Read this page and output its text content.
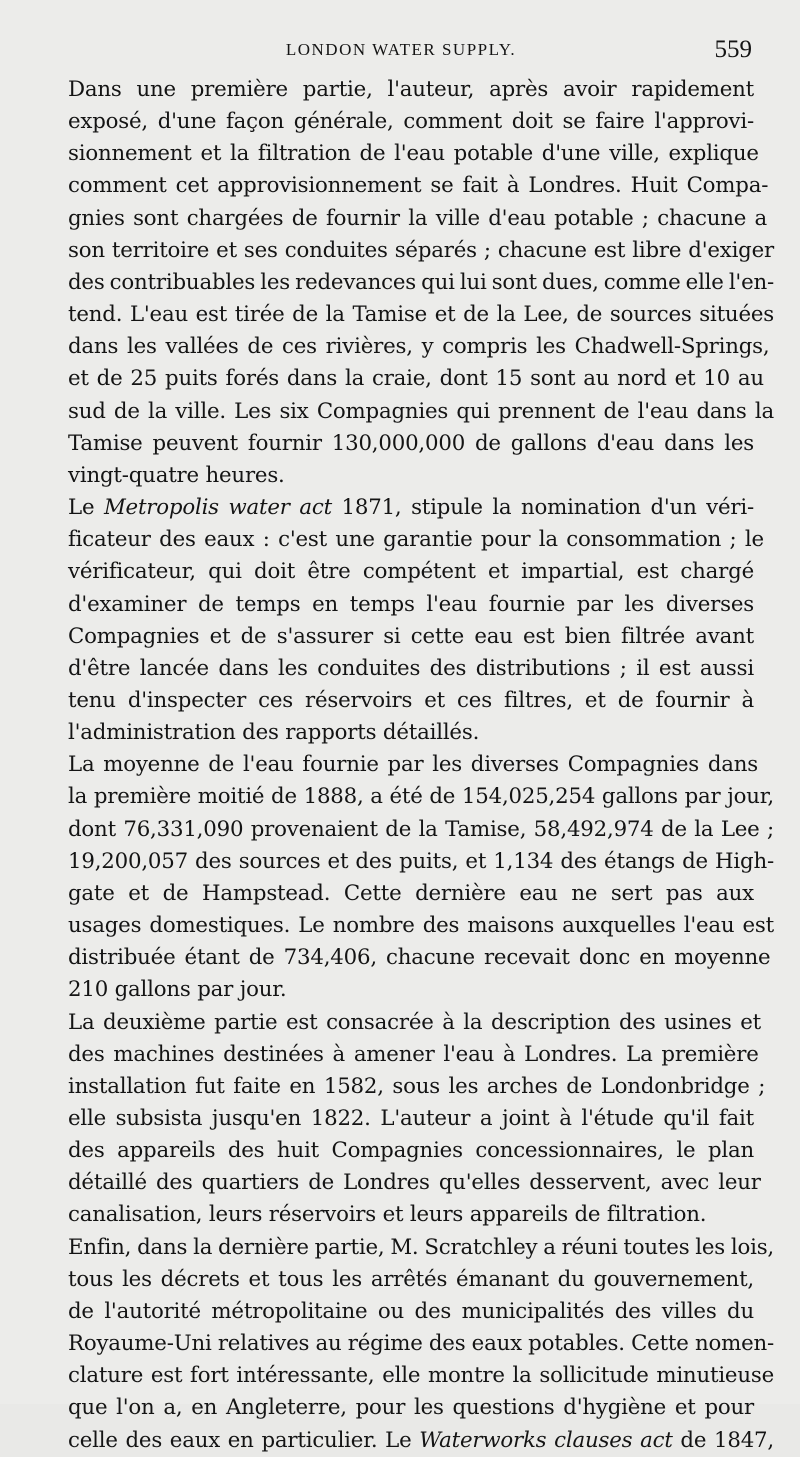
LONDON WATER SUPPLY.	559

Dans une première partie, l'auteur, après avoir rapidement
exposé, d'une façon générale, comment doit se faire l'approvi-
sionnement et la filtration de l'eau potable d'une ville, explique
comment cet approvisionnement se fait à Londres. Huit Compa-
gnies sont chargées de fournir la ville d'eau potable ; chacune a
son territoire et ses conduites séparés ; chacune est libre d'exiger
des contribuables les redevances qui lui sont dues, comme elle l'en-
tend. L'eau est tirée de la Tamise et de la Lee, de sources situées
dans les vallées de ces rivières, y compris les Chadwell-Springs,
et de 25 puits forés dans la craie, dont 15 sont au nord et 10 au
sud de la ville. Les six Compagnies qui prennent de l'eau dans la
Tamise peuvent fournir 130,000,000 de gallons d'eau dans les
vingt-quatre heures.

Le Metropolis water act 1871, stipule la nomination d'un véri-
ficateur des eaux : c'est une garantie pour la consommation ; le
vérificateur, qui doit être compétent et impartial, est chargé
d'examiner de temps en temps l'eau fournie par les diverses
Compagnies et de s'assurer si cette eau est bien filtrée avant
d'être lancée dans les conduites des distributions ; il est aussi
tenu d'inspecter ces réservoirs et ces filtres, et de fournir à
l'administration des rapports détaillés.

La moyenne de l'eau fournie par les diverses Compagnies dans
la première moitié de 1888, a été de 154,025,254 gallons par jour,
dont 76,331,090 provenaient de la Tamise, 58,492,974 de la Lee ;
19,200,057 des sources et des puits, et 1,134 des étangs de High-
gate et de Hampstead. Cette dernière eau ne sert pas aux
usages domestiques. Le nombre des maisons auxquelles l'eau est
distribuée étant de 734,406, chacune recevait donc en moyenne
210 gallons par jour.

La deuxième partie est consacrée à la description des usines et
des machines destinées à amener l'eau à Londres. La première
installation fut faite en 1582, sous les arches de Londonbridge ;
elle subsista jusqu'en 1822. L'auteur a joint à l'étude qu'il fait
des appareils des huit Compagnies concessionnaires, le plan
détaillé des quartiers de Londres qu'elles desservent, avec leur
canalisation, leurs réservoirs et leurs appareils de filtration.

Enfin, dans la dernière partie, M. Scratchley a réuni toutes les lois,
tous les décrets et tous les arrêtés émanant du gouvernement,
de l'autorité métropolitaine ou des municipalités des villes du
Royaume-Uni relatives au régime des eaux potables. Cette nomen-
clature est fort intéressante, elle montre la sollicitude minutieuse
que l'on a, en Angleterre, pour les questions d'hygiène et pour
celle des eaux en particulier. Le Waterworks clauses act de 1847,
